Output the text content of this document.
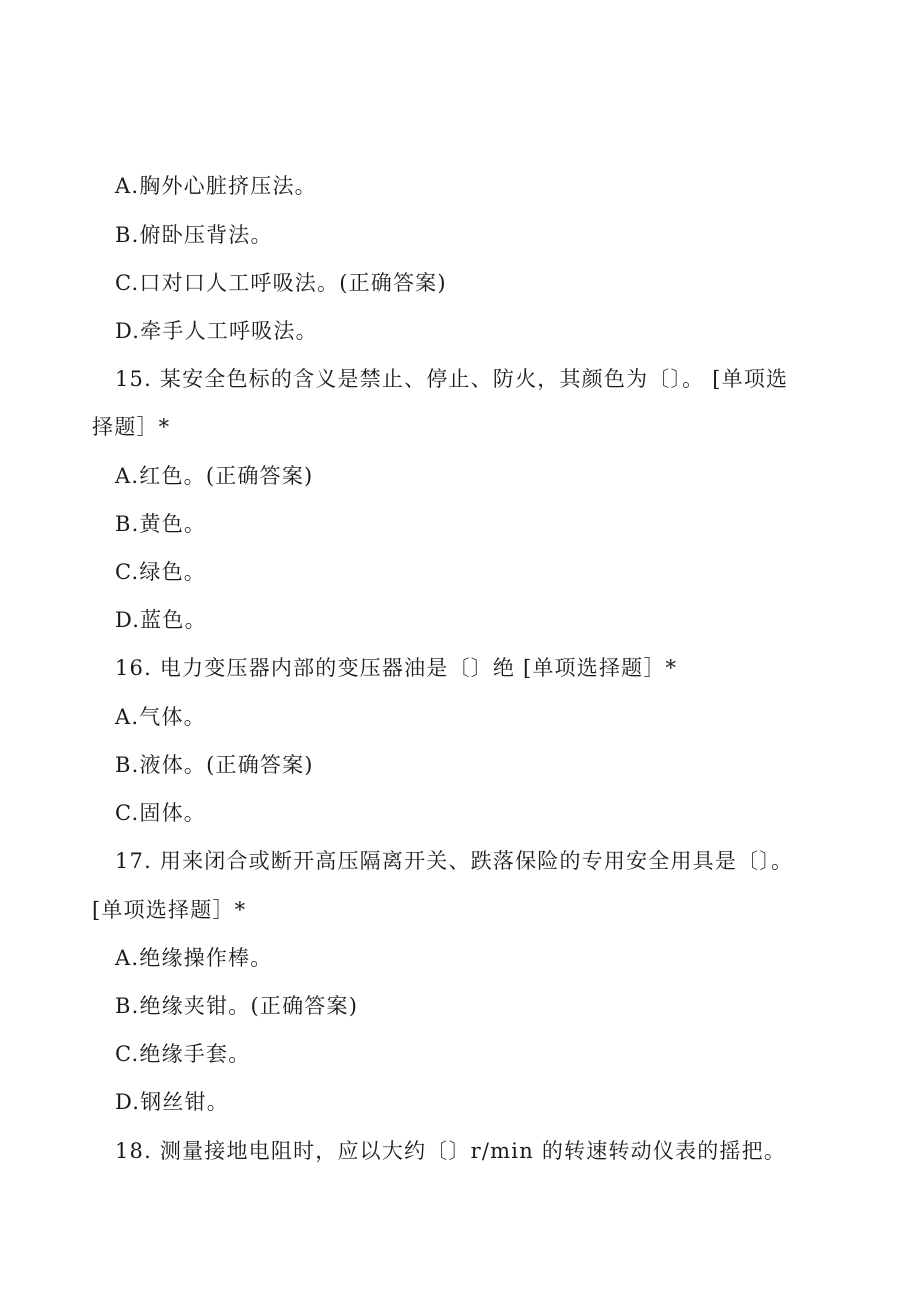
A.胸外心脏挤压法。
B.俯卧压背法。
C.口对口人工呼吸法。(正确答案)
D.牵手人工呼吸法。
15. 某安全色标的含义是禁止、停止、防火，其颜色为〔〕。 [单项选
择题］*
A.红色。(正确答案)
B.黄色。
C.绿色。
D.蓝色。
16. 电力变压器内部的变压器油是〔〕绝 [单项选择题］*
A.气体。
B.液体。(正确答案)
C.固体。
17. 用来闭合或断开高压隔离开关、跌落保险的专用安全用具是〔〕。
[单项选择题］*
A.绝缘操作棒。
B.绝缘夹钳。(正确答案)
C.绝缘手套。
D.钢丝钳。
18. 测量接地电阻时，应以大约〔〕r/min 的转速转动仪表的摇把。
